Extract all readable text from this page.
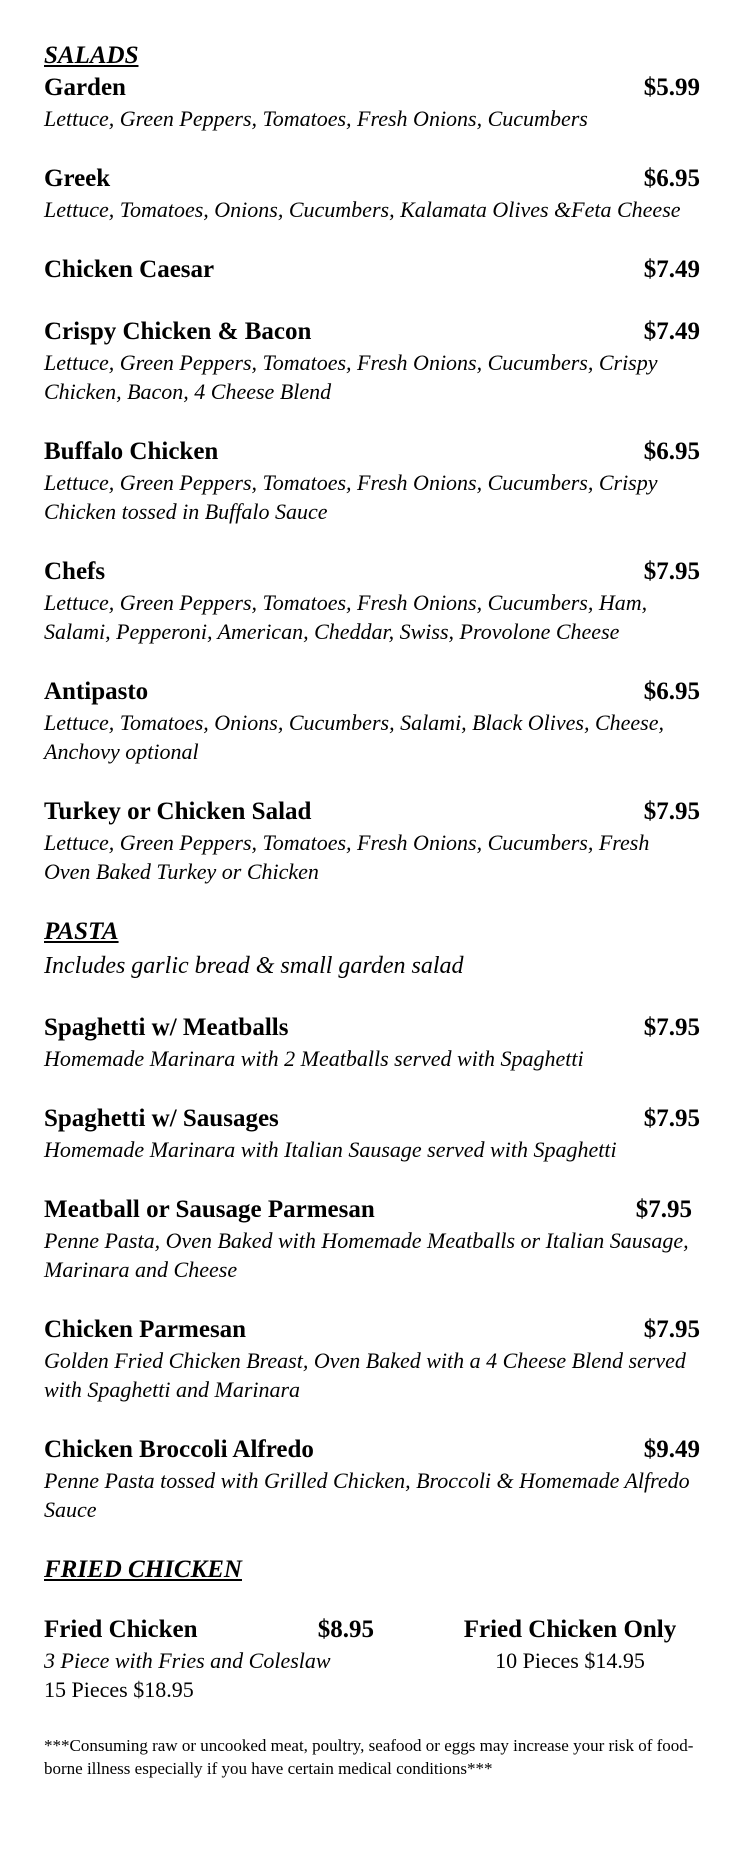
SALADS
Garden	$5.99

Lettuce, Green Peppers, Tomatoes, Fresh Onions, Cucumbers

Greek	$6.95

Lettuce, Tomatoes, Onions, Cucumbers, Kalamata Olives &Feta Cheese

Chicken Caesar	$7.49
Crispy Chicken & Bacon	$7.49

Lettuce, Green Peppers, Tomatoes, Fresh Onions, Cucumbers, Crispy Chicken, Bacon, 4 Cheese Blend

Buffalo Chicken	$6.95

Lettuce, Green Peppers, Tomatoes, Fresh Onions, Cucumbers, Crispy Chicken tossed in Buffalo Sauce

Chefs	$7.95

Lettuce, Green Peppers, Tomatoes, Fresh Onions, Cucumbers, Ham, Salami, Pepperoni, American, Cheddar, Swiss, Provolone Cheese

Antipasto	$6.95

Lettuce, Tomatoes, Onions, Cucumbers, Salami, Black Olives, Cheese, Anchovy optional

Turkey or Chicken Salad	$7.95

Lettuce, Green Peppers, Tomatoes, Fresh Onions, Cucumbers, Fresh Oven Baked Turkey or Chicken

PASTA

Includes garlic bread & small garden salad

Spaghetti w/ Meatballs	$7.95

Homemade Marinara with 2 Meatballs served with Spaghetti

Spaghetti w/ Sausages	$7.95

Homemade Marinara with Italian Sausage served with Spaghetti

Meatball or Sausage Parmesan	$7.95

Penne Pasta, Oven Baked with Homemade Meatballs or Italian Sausage, Marinara and Cheese

Chicken Parmesan	$7.95

Golden Fried Chicken Breast, Oven Baked with a 4 Cheese Blend served with Spaghetti and Marinara

Chicken Broccoli Alfredo	$9.49

Penne Pasta tossed with Grilled Chicken, Broccoli & Homemade Alfredo Sauce

FRIED CHICKEN
Fried Chicken	$8.95

3 Piece with Fries and Coleslaw

15 Pieces $18.95
Fried Chicken Only
10 Pieces $14.95
***Consuming raw or uncooked meat, poultry, seafood or eggs may increase your risk of food-borne illness especially if you have certain medical conditions***
